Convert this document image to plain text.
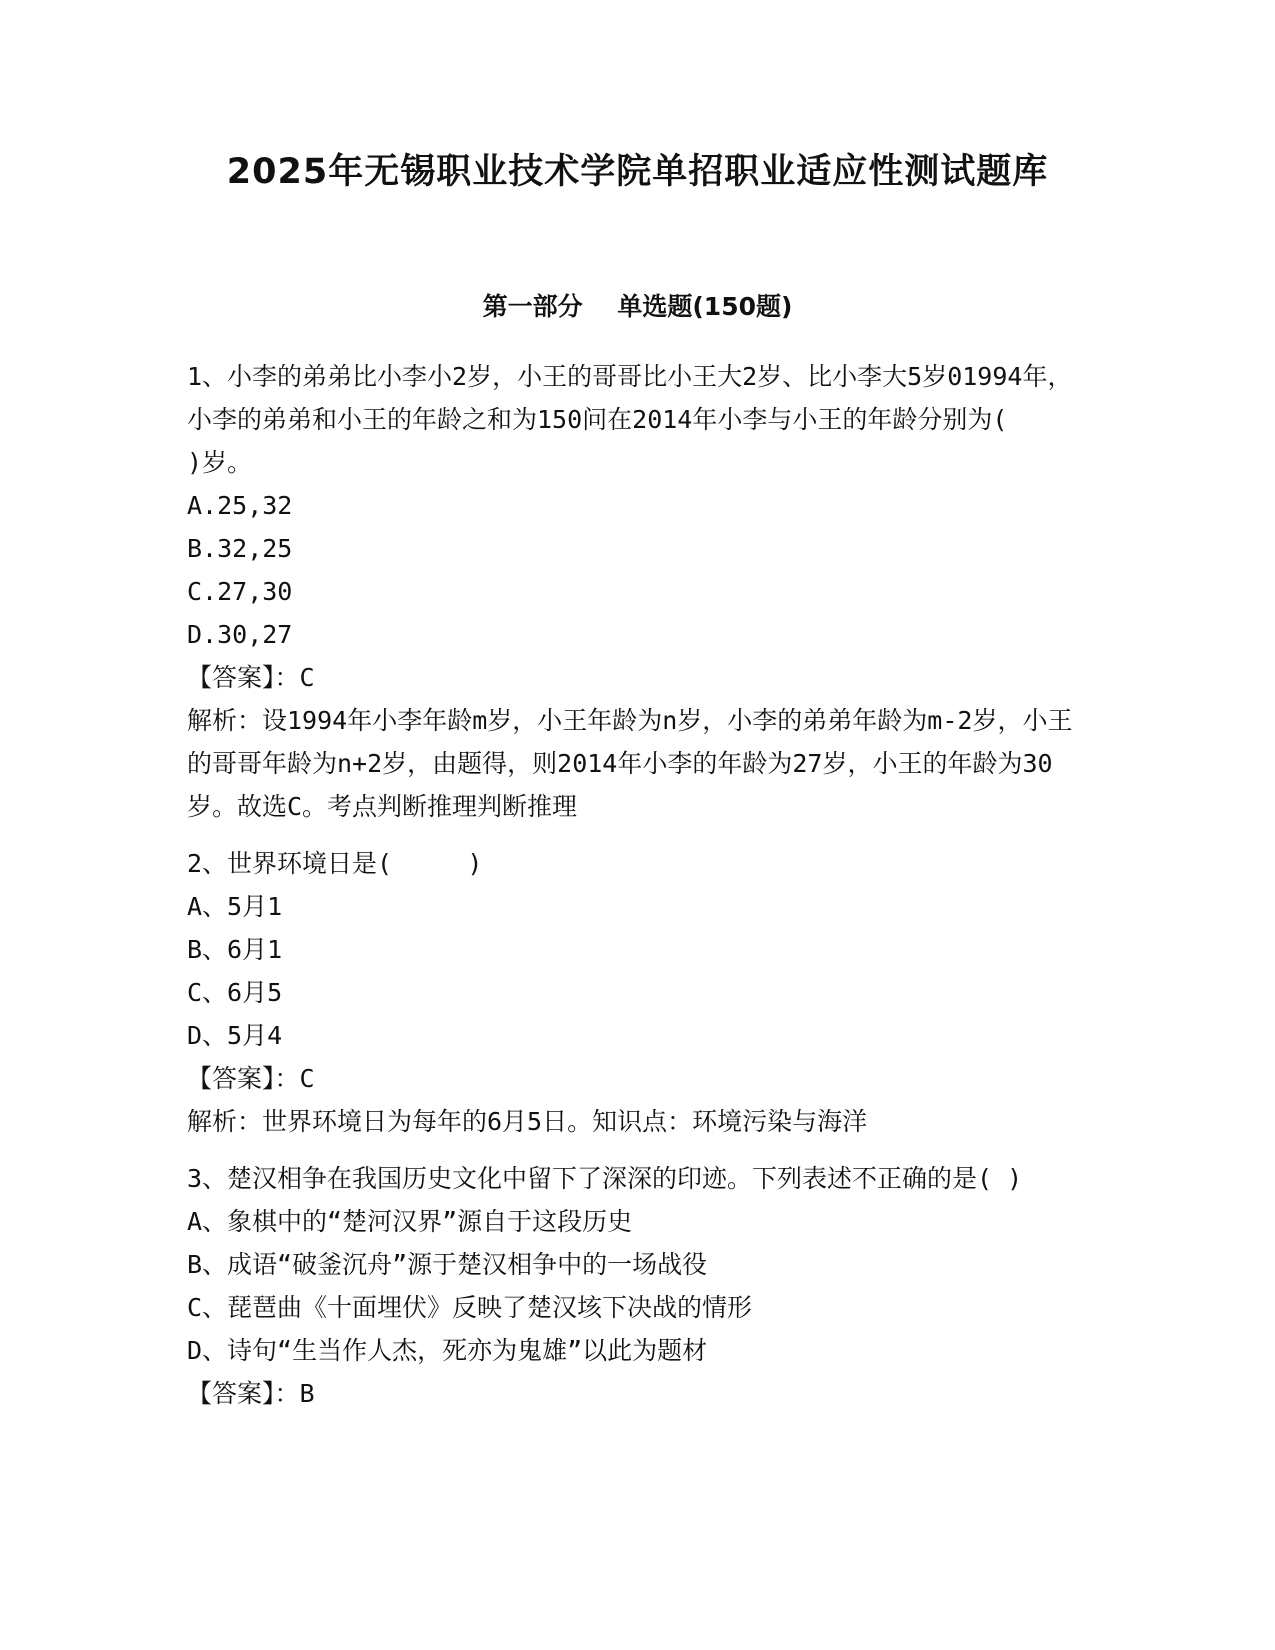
2025年无锡职业技术学院单招职业适应性测试题库
第一部分    单选题(150题)

1、小李的弟弟比小李小2岁，小王的哥哥比小王大2岁、比小李大5岁01994年，小李的弟弟和小王的年龄之和为150问在2014年小李与小王的年龄分别为(      )岁。

A.25,32

B.32,25

C.27,30

D.30,27

【答案】：C

解析：设1994年小李年龄m岁，小王年龄为n岁，小李的弟弟年龄为m-2岁，小王的哥哥年龄为n+2岁，由题得，则2014年小李的年龄为27岁，小王的年龄为30岁。故选C。考点判断推理判断推理

2、世界环境日是(     )

A、5月1

B、6月1

C、6月5

D、5月4

【答案】：C

解析：世界环境日为每年的6月5日。知识点：环境污染与海洋

3、楚汉相争在我国历史文化中留下了深深的印迹。下列表述不正确的是( )

A、象棋中的“楚河汉界”源自于这段历史

B、成语“破釜沉舟”源于楚汉相争中的一场战役

C、琵琶曲《十面埋伏》反映了楚汉垓下决战的情形

D、诗句“生当作人杰，死亦为鬼雄”以此为题材

【答案】：B
